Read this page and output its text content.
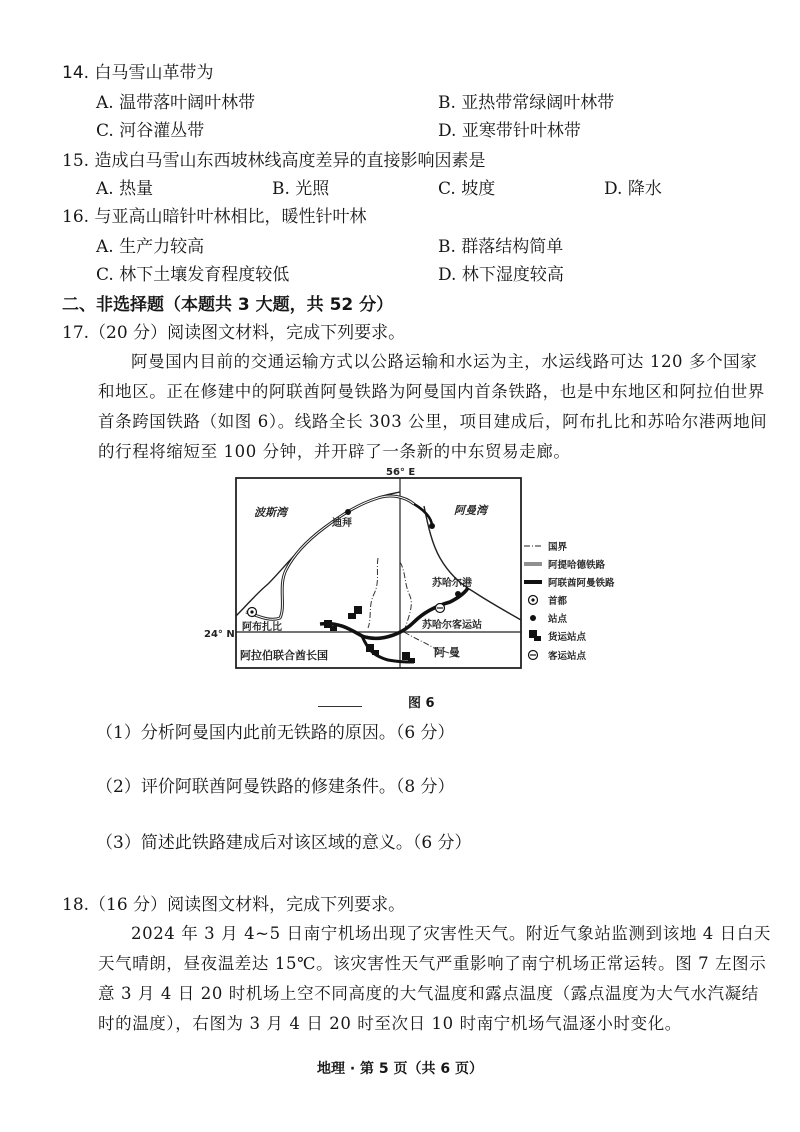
14. 白马雪山革带为
A. 温带落叶阔叶林带	B. 亚热带常绿阔叶林带
C. 河谷灌丛带	D. 亚寒带针叶林带
15. 造成白马雪山东西坡林线高度差异的直接影响因素是
A. 热量	B. 光照	C. 坡度	D. 降水
16. 与亚高山暗针叶林相比，暖性针叶林
A. 生产力较高	B. 群落结构简单
C. 林下土壤发育程度较低	D. 林下湿度较高
二、非选择题（本题共 3 大题，共 52 分）
17.（20 分）阅读图文材料，完成下列要求。

阿曼国内目前的交通运输方式以公路运输和水运为主，水运线路可达 120 多个国家和地区。正在修建中的阿联酋阿曼铁路为阿曼国内首条铁路，也是中东地区和阿拉伯世界首条跨国铁路（如图 6）。线路全长 303 公里，项目建成后，阿布扎比和苏哈尔港两地间的行程将缩短至 100 分钟，并开辟了一条新的中东贸易走廊。

56° E
24° N
波斯湾	阿曼湾
迪拜
阿布扎比
苏哈尔港
苏哈尔客运站
阿拉伯联合酋长国	阿 曼
国界
阿提哈德铁路
阿联酋阿曼铁路
首都
站点
货运站点
客运站点
图 6
（1）分析阿曼国内此前无铁路的原因。（6 分）
（2）评价阿联酋阿曼铁路的修建条件。（8 分）
（3）简述此铁路建成后对该区域的意义。（6 分）
18.（16 分）阅读图文材料，完成下列要求。

2024 年 3 月 4~5 日南宁机场出现了灾害性天气。附近气象站监测到该地 4 日白天天气晴朗，昼夜温差达 15℃。该灾害性天气严重影响了南宁机场正常运转。图 7 左图示意 3 月 4 日 20 时机场上空不同高度的大气温度和露点温度（露点温度为大气水汽凝结时的温度），右图为 3 月 4 日 20 时至次日 10 时南宁机场气温逐小时变化。

地理 · 第 5 页（共 6 页）
